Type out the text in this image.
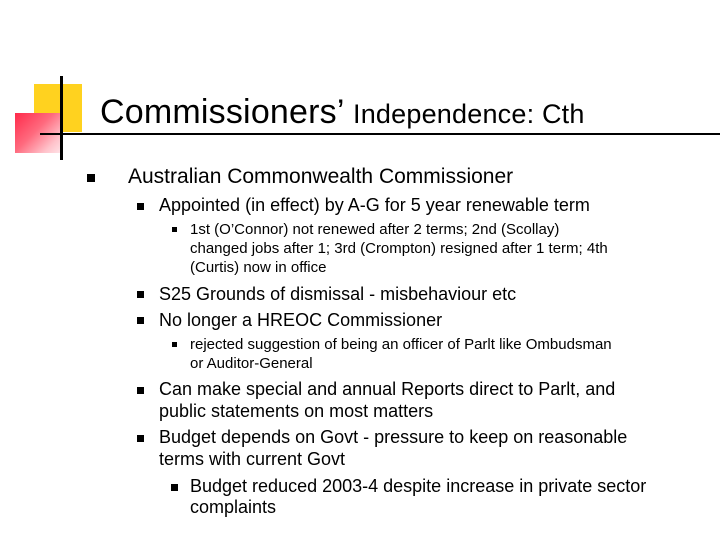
Commissioners’ Independence: Cth
Australian Commonwealth Commissioner
Appointed (in effect) by A-G for 5 year renewable term
1st (O’Connor) not renewed after 2 terms; 2nd (Scollay)
changed jobs after 1; 3rd (Crompton) resigned after 1 term; 4th
(Curtis) now in office
S25 Grounds of dismissal - misbehaviour etc
No longer a HREOC Commissioner
rejected suggestion of being an officer of Parlt like Ombudsman
or Auditor-General
Can make special and annual Reports direct to Parlt, and
public statements on most matters
Budget depends on Govt - pressure to keep on reasonable
terms with current Govt
Budget reduced 2003-4 despite increase in private sector
complaints
